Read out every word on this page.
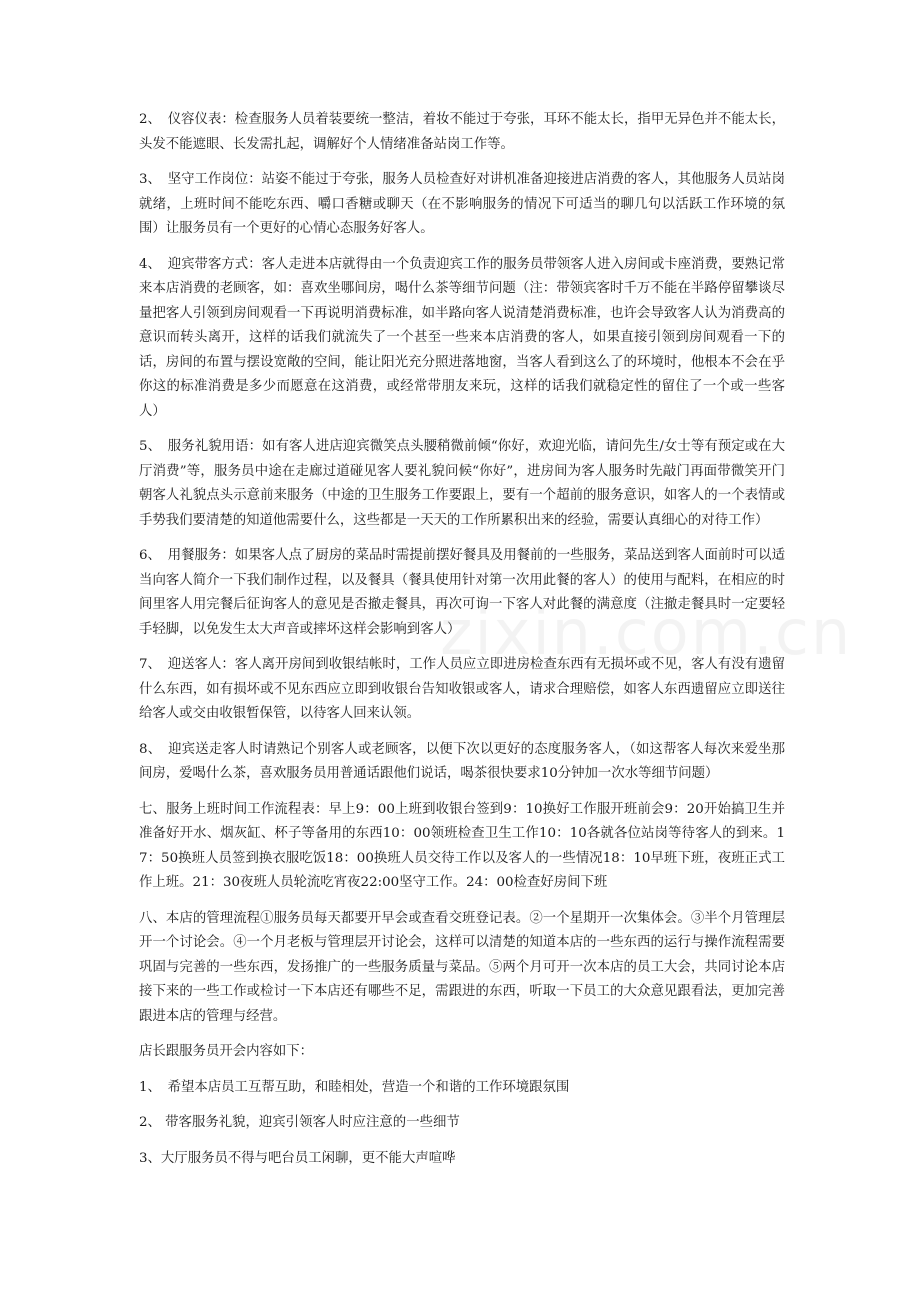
2、　仪容仪表：检查服务人员着装要统一整洁，着妆不能过于夸张，耳环不能太长，指甲无异色并不能太长，头发不能遮眼、长发需扎起，调解好个人情绪准备站岗工作等。

3、　坚守工作岗位：站姿不能过于夸张，服务人员检查好对讲机准备迎接进店消费的客人，其他服务人员站岗就绪，上班时间不能吃东西、嚼口香糖或聊天（在不影响服务的情况下可适当的聊几句以活跃工作环境的氛围）让服务员有一个更好的心情心态服务好客人。

4、　迎宾带客方式：客人走进本店就得由一个负责迎宾工作的服务员带领客人进入房间或卡座消费，要熟记常来本店消费的老顾客，如：喜欢坐哪间房，喝什么茶等细节问题（注：带领宾客时千万不能在半路停留攀谈尽量把客人引领到房间观看一下再说明消费标准，如半路向客人说清楚消费标准，也许会导致客人认为消费高的意识而转头离开，这样的话我们就流失了一个甚至一些来本店消费的客人，如果直接引领到房间观看一下的话，房间的布置与摆设宽敞的空间，能让阳光充分照进落地窗，当客人看到这么了的环境时，他根本不会在乎你这的标准消费是多少而愿意在这消费，或经常带朋友来玩，这样的话我们就稳定性的留住了一个或一些客人）

5、　服务礼貌用语：如有客人进店迎宾微笑点头腰稍微前倾“你好，欢迎光临，请问先生/女士等有预定或在大厅消费”等，服务员中途在走廊过道碰见客人要礼貌问候“你好”，进房间为客人服务时先敲门再面带微笑开门朝客人礼貌点头示意前来服务（中途的卫生服务工作要跟上，要有一个超前的服务意识，如客人的一个表情或手势我们要清楚的知道他需要什么，这些都是一天天的工作所累积出来的经验，需要认真细心的对待工作）

6、　用餐服务：如果客人点了厨房的菜品时需提前摆好餐具及用餐前的一些服务，菜品送到客人面前时可以适当向客人简介一下我们制作过程，以及餐具（餐具使用针对第一次用此餐的客人）的使用与配料，在相应的时间里客人用完餐后征询客人的意见是否撤走餐具，再次可询一下客人对此餐的满意度（注撤走餐具时一定要轻手轻脚，以免发生太大声音或摔坏这样会影响到客人）

7、　迎送客人：客人离开房间到收银结帐时，工作人员应立即进房检查东西有无损坏或不见，客人有没有遗留什么东西，如有损坏或不见东西应立即到收银台告知收银或客人，请求合理赔偿，如客人东西遗留应立即送往给客人或交由收银暂保管，以待客人回来认领。

8、　迎宾送走客人时请熟记个别客人或老顾客，以便下次以更好的态度服务客人，（如这帮客人每次来爱坐那间房，爱喝什么茶，喜欢服务员用普通话跟他们说话，喝茶很快要求10分钟加一次水等细节问题）

七、服务上班时间工作流程表：早上9：00上班到收银台签到9：10换好工作服开班前会9：20开始搞卫生并准备好开水、烟灰缸、杯子等备用的东西10：00领班检查卫生工作10：10各就各位站岗等待客人的到来。17：50换班人员签到换衣服吃饭18：00换班人员交待工作以及客人的一些情况18：10早班下班，夜班正式工作上班。21：30夜班人员轮流吃宵夜22:00坚守工作。24：00检查好房间下班

八、本店的管理流程①服务员每天都要开早会或查看交班登记表。②一个星期开一次集体会。③半个月管理层开一个讨论会。④一个月老板与管理层开讨论会，这样可以清楚的知道本店的一些东西的运行与操作流程需要巩固与完善的一些东西，发扬推广的一些服务质量与菜品。⑤两个月可开一次本店的员工大会，共同讨论本店接下来的一些工作或检讨一下本店还有哪些不足，需跟进的东西，听取一下员工的大众意见跟看法，更加完善跟进本店的管理与经营。

店长跟服务员开会内容如下：

1、　希望本店员工互帮互助，和睦相处，营造一个和谐的工作环境跟氛围

2、 带客服务礼貌，迎宾引领客人时应注意的一些细节

3、大厅服务员不得与吧台员工闲聊，更不能大声喧哗
